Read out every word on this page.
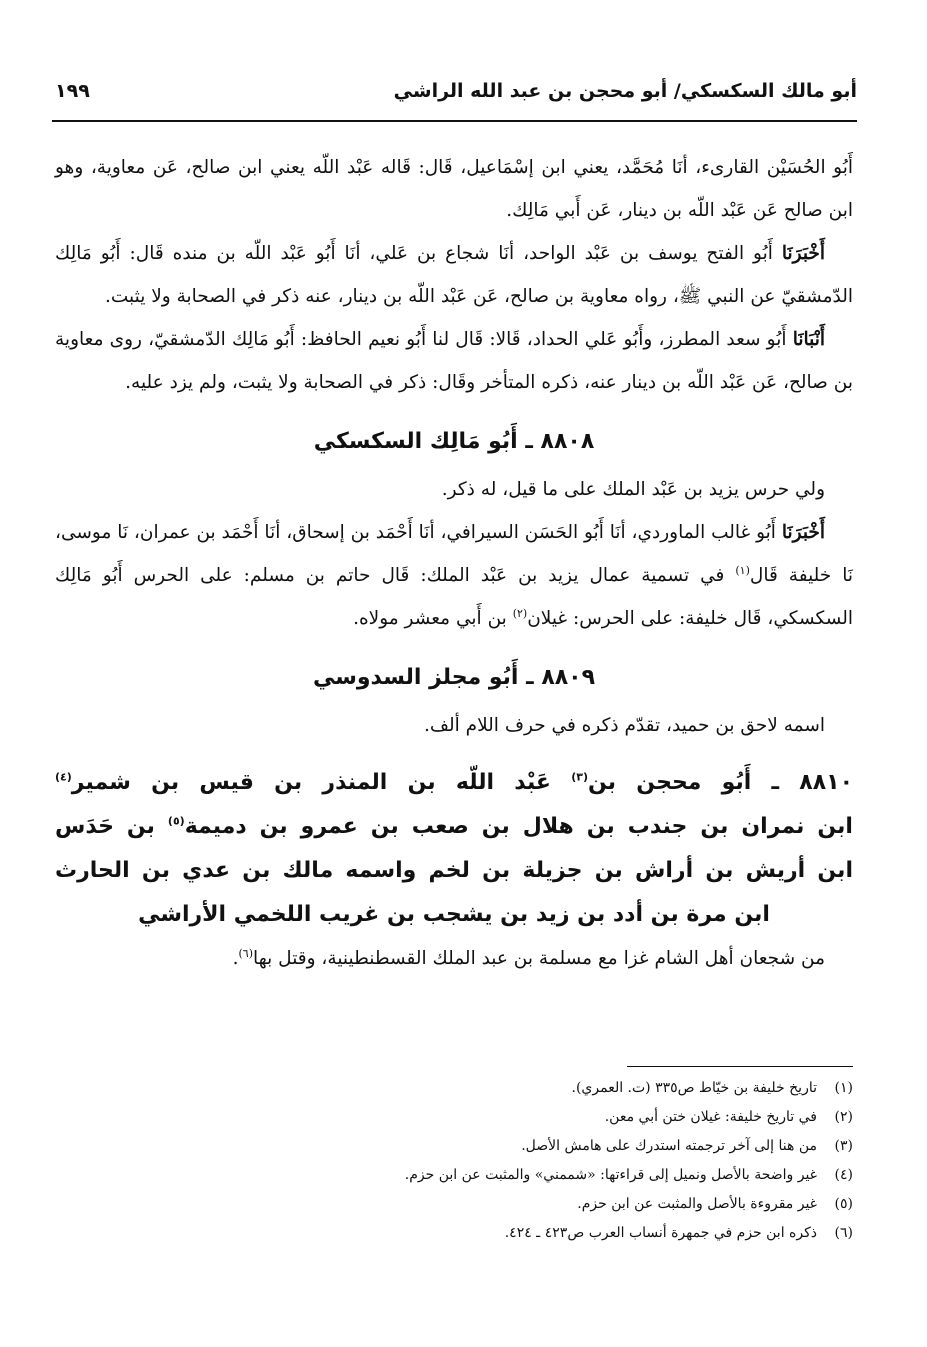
أبو مالك السكسكي/ أبو محجن بن عبد الله الراشي
١٩٩

أَبُو الحُسَيْن القارىء، أنَا مُحَمَّد، يعني ابن إسْمَاعيل، قَال: قَاله عَبْد اللّه يعني ابن صالح، عَن معاوية، وهو ابن صالح عَن عَبْد اللّه بن دينار، عَن أَبي مَالِك.

أَخْبَرَنَا أَبُو الفتح يوسف بن عَبْد الواحد، أنَا شجاع بن عَلي، أنَا أَبُو عَبْد اللّه بن منده قَال: أَبُو مَالِك الدّمشقيّ عن النبي ﷺ، رواه معاوية بن صالح، عَن عَبْد اللّه بن دينار، عنه ذكر في الصحابة ولا يثبت.

أَنْبَانَا أَبُو سعد المطرز، وأَبُو عَلي الحداد، قَالا: قَال لنا أَبُو نعيم الحافظ: أَبُو مَالِك الدّمشقيّ، روى معاوية بن صالح، عَن عَبْد اللّه بن دينار عنه، ذكره المتأخر وقَال: ذكر في الصحابة ولا يثبت، ولم يزد عليه.

٨٨٠٨ ـ أَبُو مَالِك السكسكي

ولي حرس يزيد بن عَبْد الملك على ما قيل، له ذكر.

أَخْبَرَنَا أَبُو غالب الماوردي، أنَا أَبُو الحَسَن السيرافي، أنَا أَحْمَد بن إسحاق، أنَا أَحْمَد بن عمران، نَا موسى، نَا خليفة قَال$^{(١)}$ في تسمية عمال يزيد بن عَبْد الملك: قَال حاتم بن مسلم: على الحرس أَبُو مَالِك السكسكي، قَال خليفة: على الحرس: غيلان$^{(٢)}$ بن أَبي معشر مولاه.

٨٨٠٩ ـ أَبُو مجلز السدوسي

اسمه لاحق بن حميد، تقدّم ذكره في حرف اللام ألف.

٨٨١٠ ـ أَبُو محجن بن$^{(٣)}$ عَبْد اللّه بن المنذر بن قيس بن شمير$^{(٤)}$
ابن نمران بن جندب بن هلال بن صعب بن عمرو بن دميمة$^{(٥)}$ بن حَدَس
ابن أريش بن أراش بن جزيلة بن لخم واسمه مالك بن عدي بن الحارث
ابن مرة بن أدد بن زيد بن يشجب بن غريب اللخمي الأراشي

من شجعان أهل الشام غزا مع مسلمة بن عبد الملك القسطنطينية، وقتل بها$^{(٦)}$.

(١)
تاريخ خليفة بن خيّاط ص٣٣٥ (ت. العمري).
(٢)
في تاريخ خليفة: غيلان ختن أبي معن.
(٣)
من هنا إلى آخر ترجمته استدرك على هامش الأصل.
(٤)
غير واضحة بالأصل ونميل إلى قراءتها: «شممني» والمثبت عن ابن حزم.
(٥)
غير مقروءة بالأصل والمثبت عن ابن حزم.
(٦)
ذكره ابن حزم في جمهرة أنساب العرب ص٤٢٣ ـ ٤٢٤.
